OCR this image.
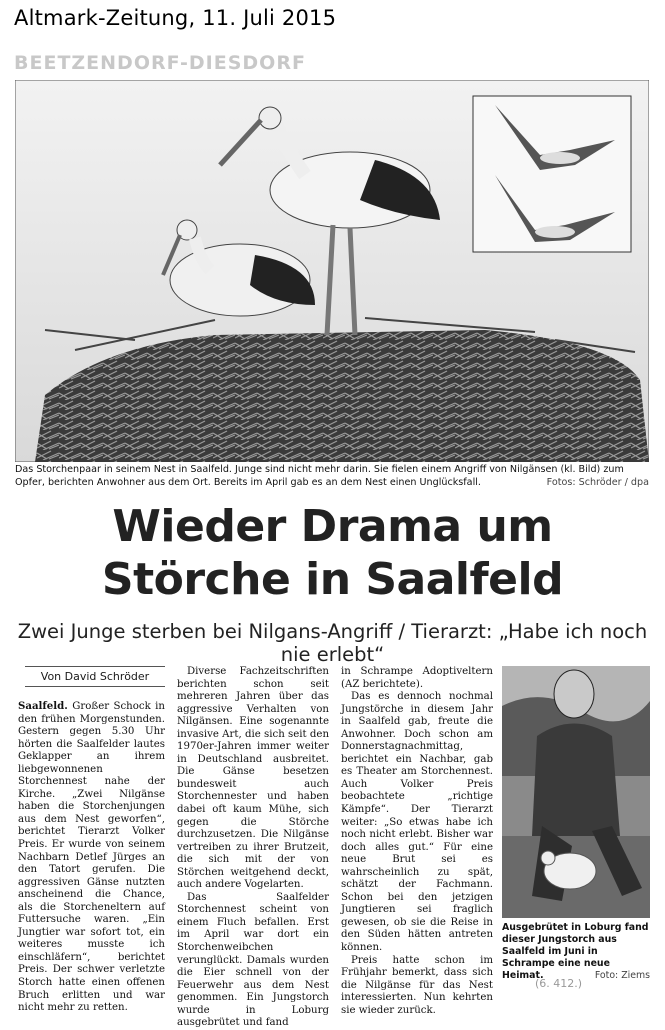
Altmark-Zeitung, 11. Juli 2015
BEETZENDORF-DIESDORF
Das Storchenpaar in seinem Nest in Saalfeld. Junge sind nicht mehr darin. Sie fielen einem Angriff von Nilgänsen (kl. Bild) zum Opfer, berichten Anwohner aus dem Ort. Bereits im April gab es an dem Nest einen Unglücksfall.	Fotos: Schröder / dpa
Wieder Drama um
Störche in Saalfeld
Zwei Junge sterben bei Nilgans-Angriff / Tierarzt: „Habe ich noch nie erlebt“
Von David Schröder

Saalfeld. Großer Schock in den frühen Morgenstunden. Gestern gegen 5.30 Uhr hörten die Saalfelder lautes Geklapper an ihrem liebgewonnenen Storchennest nahe der Kirche. „Zwei Nilgänse haben die Storchenjungen aus dem Nest geworfen“, berichtet Tierarzt Volker Preis. Er wurde von seinem Nachbarn Detlef Jürges an den Tatort gerufen. Die aggressiven Gänse nutzten anscheinend die Chance, als die Storcheneltern auf Futtersuche waren. „Ein Jungtier war sofort tot, ein weiteres musste ich einschläfern“, berichtet Preis. Der schwer verletzte Storch hatte einen offenen Bruch erlitten und war nicht mehr zu retten.

Diverse Fachzeitschriften berichten schon seit mehreren Jahren über das aggressive Verhalten von Nilgänsen. Eine sogenannte invasive Art, die sich seit den 1970er-Jahren immer weiter in Deutschland ausbreitet. Die Gänse besetzen bundesweit auch Storchennester und haben dabei oft kaum Mühe, sich gegen die Störche durchzusetzen. Die Nilgänse vertreiben zu ihrer Brutzeit, die sich mit der von Störchen weitgehend deckt, auch andere Vogelarten.

Das Saalfelder Storchennest scheint von einem Fluch befallen. Erst im April war dort ein Storchenweibchen verunglückt. Damals wurden die Eier schnell von der Feuerwehr aus dem Nest genommen. Ein Jungstorch wurde in Loburg ausgebrütet und fand

in Schrampe Adoptiveltern (AZ berichtete).

Das es dennoch nochmal Jungstörche in diesem Jahr in Saalfeld gab, freute die Anwohner. Doch schon am Donnerstagnachmittag, berichtet ein Nachbar, gab es Theater am Storchennest. Auch Volker Preis beobachtete „richtige Kämpfe“. Der Tierarzt weiter: „So etwas habe ich noch nicht erlebt. Bisher war doch alles gut.“ Für eine neue Brut sei es wahrscheinlich zu spät, schätzt der Fachmann. Schon bei den jetzigen Jungtieren sei fraglich gewesen, ob sie die Reise in den Süden hätten antreten können.

Preis hatte schon im Frühjahr bemerkt, dass sich die Nilgänse für das Nest interessierten. Nun kehrten sie wieder zurück.

Ausgebrütet in Loburg fand dieser Jungstorch aus Saalfeld im Juni in Schrampe eine neue Heimat.	Foto: Ziems
(6. 412.)
